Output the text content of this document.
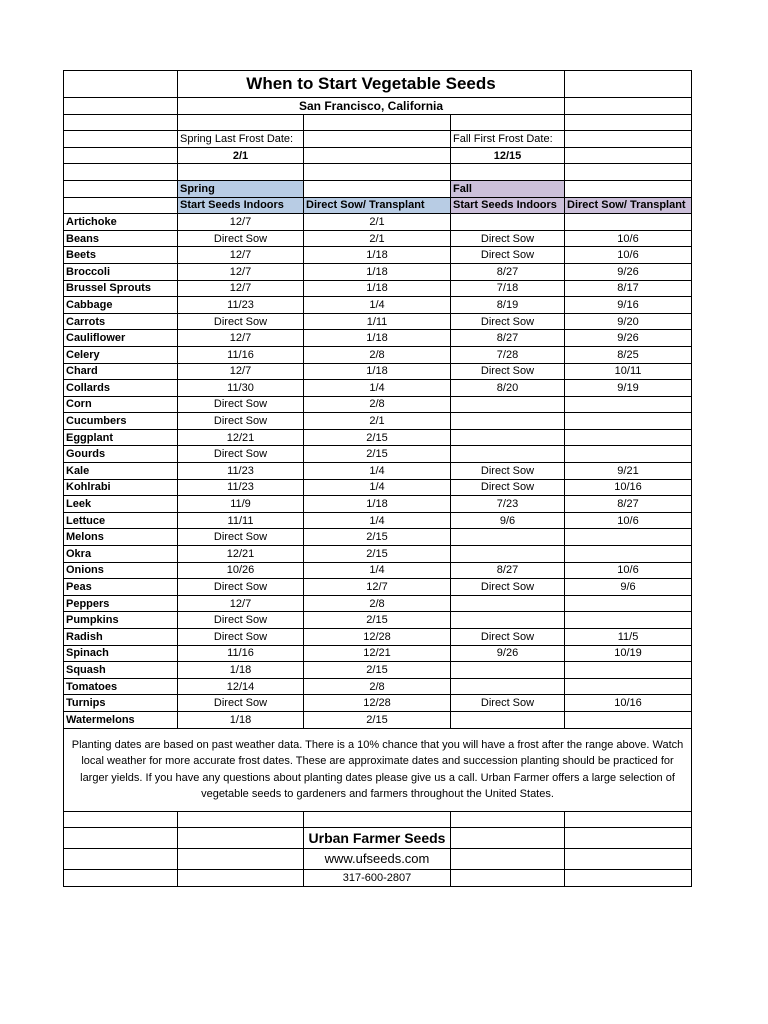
	When to Start Vegetable Seeds			
	San Francisco, California			

	Spring Last Frost Date:		Fall First Frost Date:	
	2/1		12/15	

	Spring		Fall	
	Start Seeds Indoors	Direct Sow/ Transplant	Start Seeds Indoors	Direct Sow/ Transplant
Artichoke	12/7	2/1		
Beans	Direct Sow	2/1	Direct Sow	10/6
Beets	12/7	1/18	Direct Sow	10/6
Broccoli	12/7	1/18	8/27	9/26
Brussel Sprouts	12/7	1/18	7/18	8/17
Cabbage	11/23	1/4	8/19	9/16
Carrots	Direct Sow	1/11	Direct Sow	9/20
Cauliflower	12/7	1/18	8/27	9/26
Celery	11/16	2/8	7/28	8/25
Chard	12/7	1/18	Direct Sow	10/11
Collards	11/30	1/4	8/20	9/19
Corn	Direct Sow	2/8		
Cucumbers	Direct Sow	2/1		
Eggplant	12/21	2/15		
Gourds	Direct Sow	2/15		
Kale	11/23	1/4	Direct Sow	9/21
Kohlrabi	11/23	1/4	Direct Sow	10/16
Leek	11/9	1/18	7/23	8/27
Lettuce	11/11	1/4	9/6	10/6
Melons	Direct Sow	2/15		
Okra	12/21	2/15		
Onions	10/26	1/4	8/27	10/6
Peas	Direct Sow	12/7	Direct Sow	9/6
Peppers	12/7	2/8		
Pumpkins	Direct Sow	2/15		
Radish	Direct Sow	12/28	Direct Sow	11/5
Spinach	11/16	12/21	9/26	10/19
Squash	1/18	2/15		
Tomatoes	12/14	2/8		
Turnips	Direct Sow	12/28	Direct Sow	10/16
Watermelons	1/18	2/15		
Planting dates are based on past weather data. There is a 10% chance that you will have a frost after the range above. Watch local weather for more accurate frost dates. These are approximate dates and succession planting should be practiced for larger yields. If you have any questions about planting dates please give us a call. Urban Farmer offers a large selection of vegetable seeds to gardeners and farmers throughout the United States.				

		Urban Farmer Seeds		
		www.ufseeds.com		
		317-600-2807		
